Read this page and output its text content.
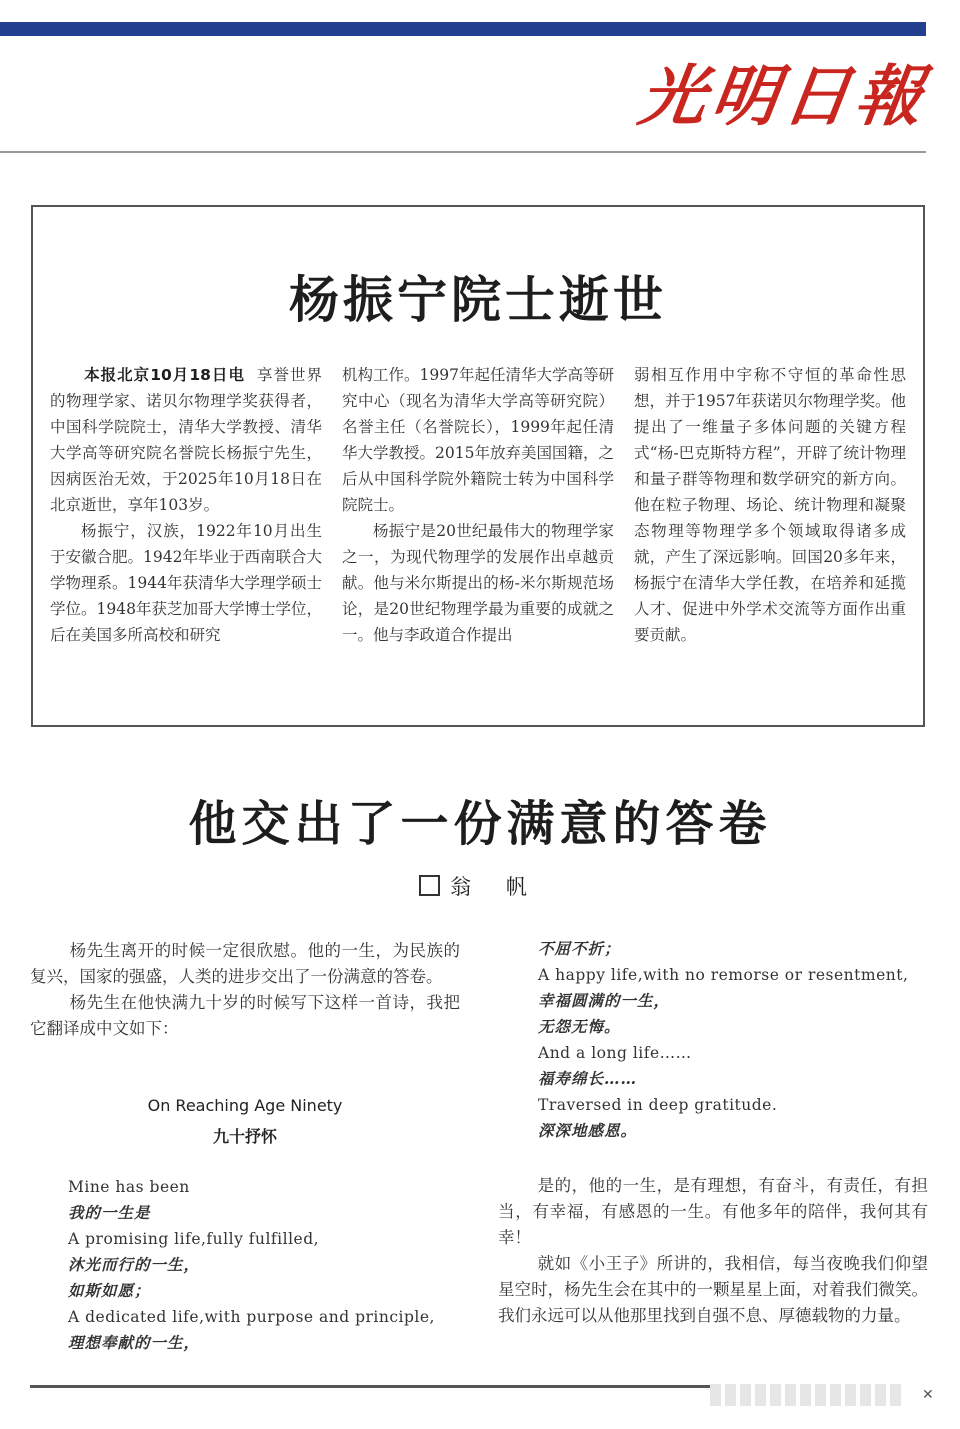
光明日報
杨振宁院士逝世

本报北京10月18日电 享誉世界的物理学家、诺贝尔物理学奖获得者，中国科学院院士，清华大学教授、清华大学高等研究院名誉院长杨振宁先生，因病医治无效，于2025年10月18日在北京逝世，享年103岁。

杨振宁，汉族，1922年10月出生于安徽合肥。1942年毕业于西南联合大学物理系。1944年获清华大学理学硕士学位。1948年获芝加哥大学博士学位，后在美国多所高校和研究

机构工作。1997年起任清华大学高等研究中心（现名为清华大学高等研究院）名誉主任（名誉院长），1999年起任清华大学教授。2015年放弃美国国籍，之后从中国科学院外籍院士转为中国科学院院士。

杨振宁是20世纪最伟大的物理学家之一，为现代物理学的发展作出卓越贡献。他与米尔斯提出的杨-米尔斯规范场论，是20世纪物理学最为重要的成就之一。他与李政道合作提出

弱相互作用中宇称不守恒的革命性思想，并于1957年获诺贝尔物理学奖。他提出了一维量子多体问题的关键方程式“杨-巴克斯特方程”，开辟了统计物理和量子群等物理和数学研究的新方向。他在粒子物理、场论、统计物理和凝聚态物理等物理学多个领域取得诸多成就，产生了深远影响。回国20多年来，杨振宁在清华大学任教，在培养和延揽人才、促进中外学术交流等方面作出重要贡献。

他交出了一份满意的答卷
翁 帆

杨先生离开的时候一定很欣慰。他的一生，为民族的复兴，国家的强盛，人类的进步交出了一份满意的答卷。

杨先生在他快满九十岁的时候写下这样一首诗，我把它翻译成中文如下：

On Reaching Age Ninety
九十抒怀
Mine has been
我的一生是
A promising life,fully fulfilled,
沐光而行的一生，
如斯如愿；
A dedicated life,with purpose and principle,
理想奉献的一生，
不屈不折；
A happy life,with no remorse or resentment,
幸福圆满的一生，
无怨无悔。
And a long life……
福寿绵长……
Traversed in deep gratitude.
深深地感恩。

是的，他的一生，是有理想，有奋斗，有责任，有担当，有幸福，有感恩的一生。有他多年的陪伴，我何其有幸！

就如《小王子》所讲的，我相信，每当夜晚我们仰望星空时，杨先生会在其中的一颗星星上面，对着我们微笑。我们永远可以从他那里找到自强不息、厚德载物的力量。

✕
